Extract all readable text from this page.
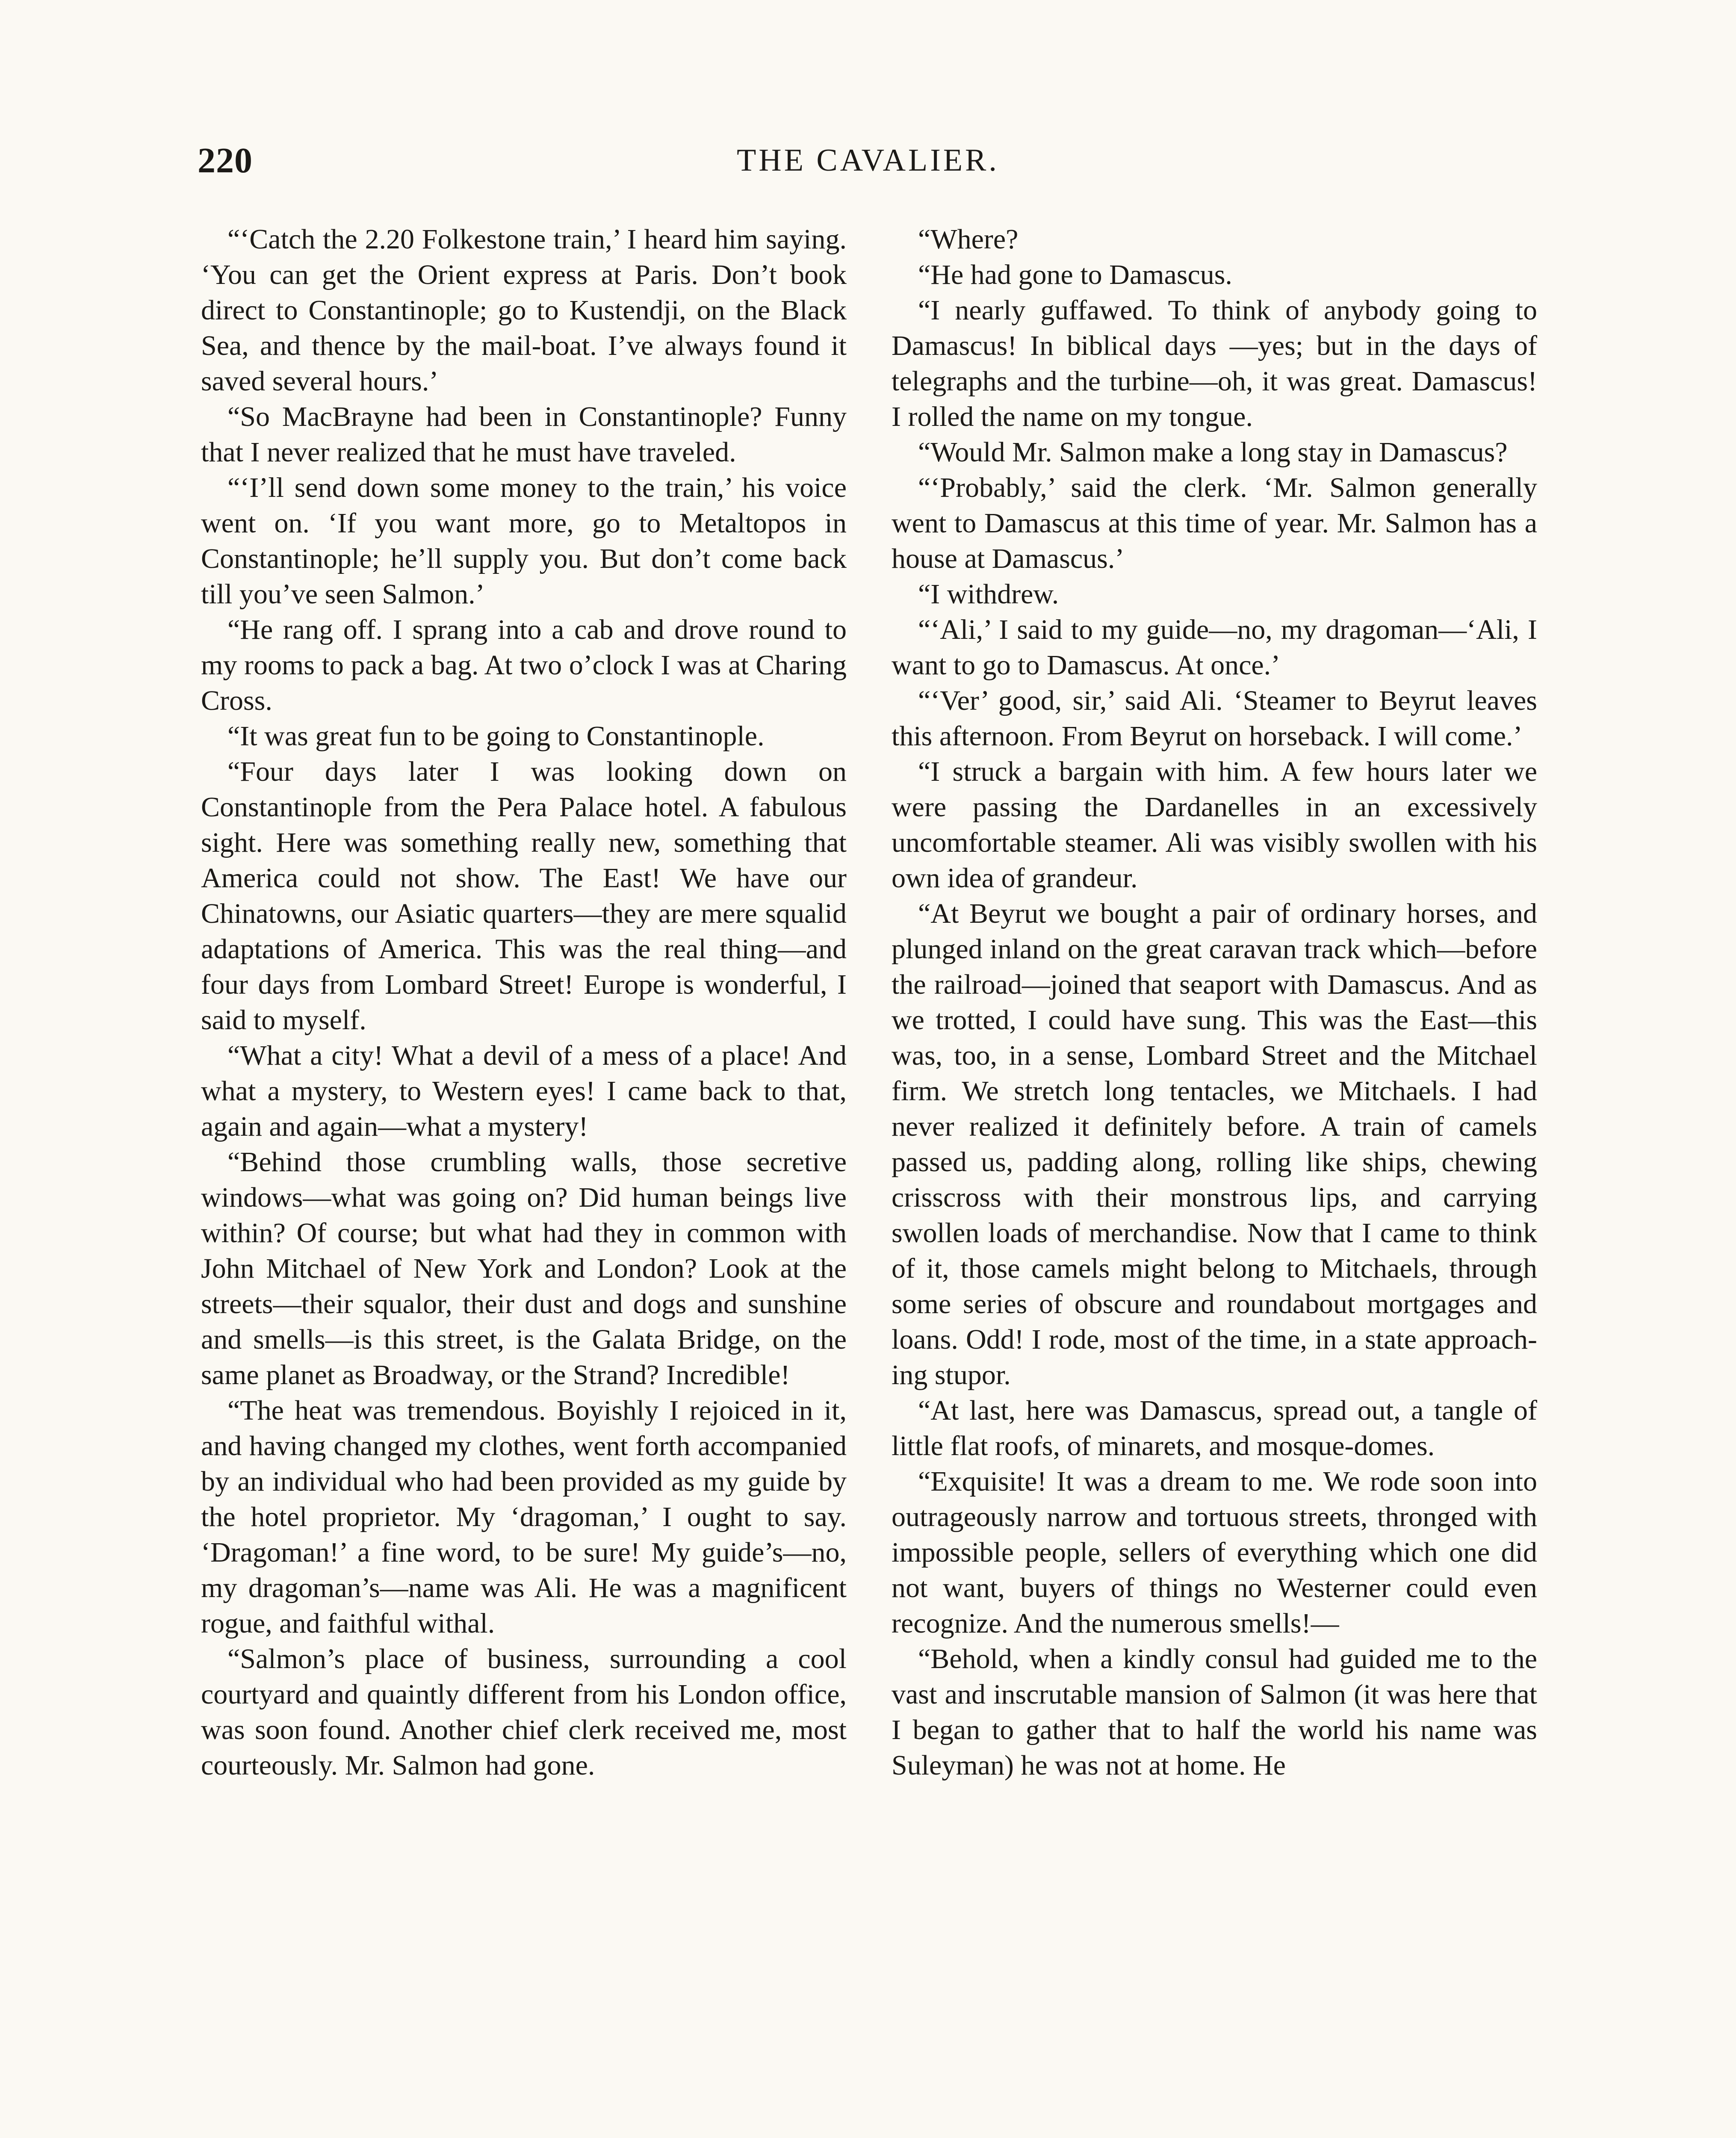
220	THE CAVALIER.

“‘Catch the 2.20 Folkestone train,’ I heard him saying. ‘You can get the Orient express at Paris. Don’t book direct to Constantinople; go to Kustendji, on the Black Sea, and thence by the mail-boat. I’ve always found it saved several hours.’

“So MacBrayne had been in Constantinople? Funny that I never realized that he must have traveled.

“‘I’ll send down some money to the train,’ his voice went on. ‘If you want more, go to Metaltopos in Constantinople; he’ll supply you. But don’t come back till you’ve seen Salmon.’

“He rang off. I sprang into a cab and drove round to my rooms to pack a bag. At two o’clock I was at Charing Cross.

“It was great fun to be going to Constantinople.

“Four days later I was looking down on Constantinople from the Pera Palace hotel. A fabulous sight. Here was something really new, something that America could not show. The East! We have our Chinatowns, our Asiatic quarters—they are mere squalid adaptations of America. This was the real thing—and four days from Lombard Street! Europe is wonderful, I said to myself.

“What a city! What a devil of a mess of a place! And what a mystery, to Western eyes! I came back to that, again and again—what a mystery!

“Behind those crumbling walls, those secretive windows—what was going on? Did human beings live within? Of course; but what had they in common with John Mitchael of New York and London? Look at the streets—their squalor, their dust and dogs and sunshine and smells—is this street, is the Galata Bridge, on the same planet as Broadway, or the Strand? Incredible!

“The heat was tremendous. Boyishly I rejoiced in it, and having changed my clothes, went forth accompanied by an individual who had been provided as my guide by the hotel proprietor. My ‘dragoman,’ I ought to say. ‘Dragoman!’ a fine word, to be sure! My guide’s—no, my dragoman’s—name was Ali. He was a magnificent rogue, and faithful withal.

“Salmon’s place of business, surrounding a cool courtyard and quaintly different from his London office, was soon found. Another chief clerk received me, most courteously. Mr. Salmon had gone.

“Where?

“He had gone to Damascus.

“I nearly guffawed. To think of anybody going to Damascus! In biblical days —yes; but in the days of telegraphs and the turbine—oh, it was great. Damascus! I rolled the name on my tongue.

“Would Mr. Salmon make a long stay in Damascus?

“‘Probably,’ said the clerk. ‘Mr. Salmon generally went to Damascus at this time of year. Mr. Salmon has a house at Damascus.’

“I withdrew.

“‘Ali,’ I said to my guide—no, my dragoman—‘Ali, I want to go to Damascus. At once.’

“‘Ver’ good, sir,’ said Ali. ‘Steamer to Beyrut leaves this afternoon. From Beyrut on horseback. I will come.’

“I struck a bargain with him. A few hours later we were passing the Dardanelles in an excessively uncomfortable steamer. Ali was visibly swollen with his own idea of grandeur.

“At Beyrut we bought a pair of ordinary horses, and plunged inland on the great caravan track which—before the railroad—joined that seaport with Damascus. And as we trotted, I could have sung. This was the East—this was, too, in a sense, Lombard Street and the Mitchael firm. We stretch long tentacles, we Mitchaels. I had never realized it definitely before. A train of camels passed us, padding along, rolling like ships, chewing crisscross with their monstrous lips, and carrying swollen loads of merchandise. Now that I came to think of it, those camels might belong to Mitchaels, through some series of obscure and roundabout mortgages and loans. Odd! I rode, most of the time, in a state approaching stupor.

“At last, here was Damascus, spread out, a tangle of little flat roofs, of minarets, and mosque-domes.

“Exquisite! It was a dream to me. We rode soon into outrageously narrow and tortuous streets, thronged with impossible people, sellers of everything which one did not want, buyers of things no Westerner could even recognize. And the numerous smells!—

“Behold, when a kindly consul had guided me to the vast and inscrutable mansion of Salmon (it was here that I began to gather that to half the world his name was Suleyman) he was not at home. He
